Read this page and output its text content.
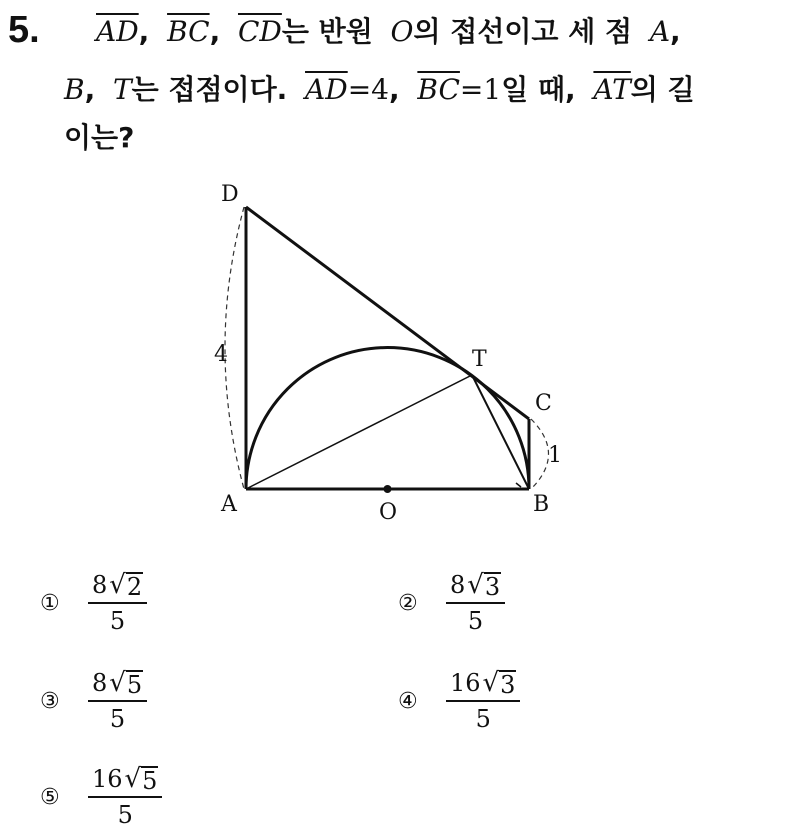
5. $\overline{AD}$, $\overline{BC}$, $\overline{CD}$는 반원 O의 접선이고 세 점 A,
B, T는 접점이다. $\overline{AD}=4$, $\overline{BC}=1$일 때, $\overline{AT}$의 길
이는?
D
T
C
A	B
O
4
1
①	$\frac{8 √ 2}{5}$	②	$\frac{8 √ 3}{5}$
③	$\frac{8 √ 5}{5}$	④	$\frac{16 √ 3}{5}$
⑤	$\frac{16 √ 5}{5}$
